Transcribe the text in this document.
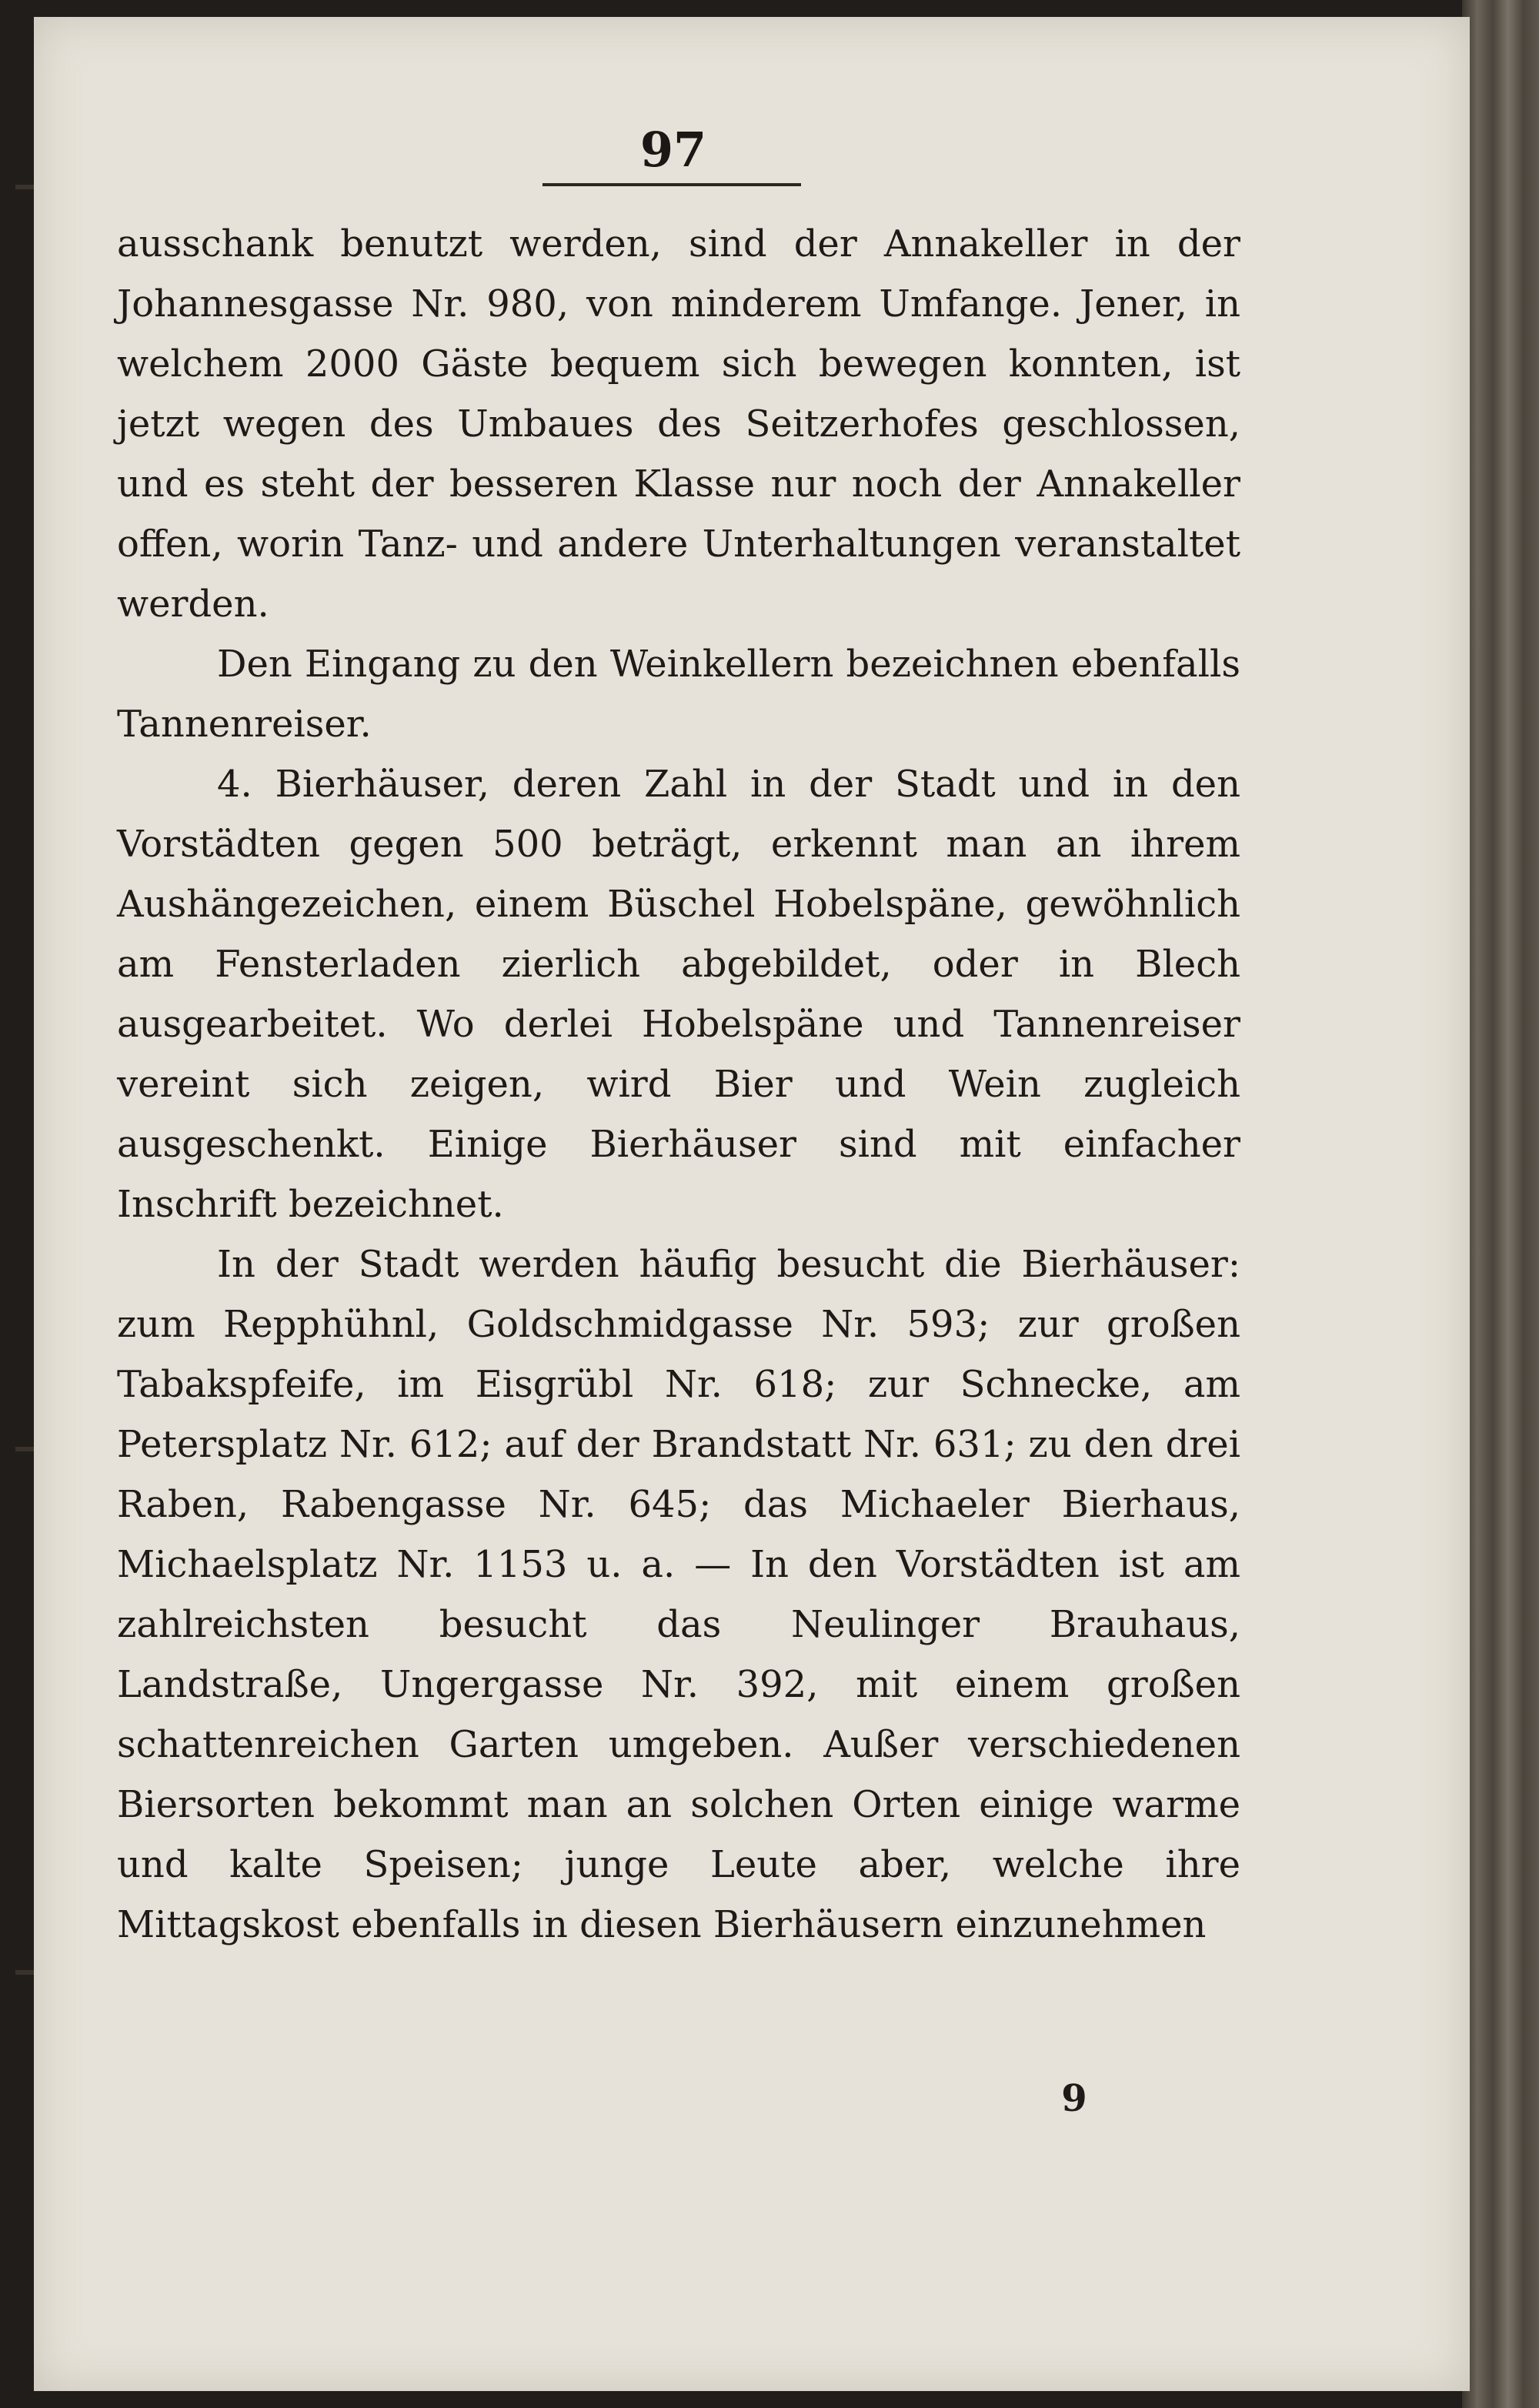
97

ausschank benutzt werden, sind der Annakeller in der Johannesgasse Nr. 980, von minderem Umfange. Jener, in welchem 2000 Gäste bequem sich bewegen konnten, ist jetzt wegen des Umbaues des Seitzerhofes geschlossen, und es steht der besseren Klasse nur noch der Annakeller offen, worin Tanz- und andere Unterhaltungen veranstaltet werden.

Den Eingang zu den Weinkellern bezeichnen ebenfalls Tannenreiser.

4. Bierhäuser, deren Zahl in der Stadt und in den Vorstädten gegen 500 beträgt, erkennt man an ihrem Aushängezeichen, einem Büschel Hobelspäne, gewöhnlich am Fensterladen zierlich abgebildet, oder in Blech ausgearbeitet. Wo derlei Hobelspäne und Tannenreiser vereint sich zeigen, wird Bier und Wein zugleich ausgeschenkt. Einige Bierhäuser sind mit einfacher Inschrift bezeichnet.

In der Stadt werden häufig besucht die Bierhäuser: zum Repphühnl, Goldschmidgasse Nr. 593; zur großen Tabakspfeife, im Eisgrübl Nr. 618; zur Schnecke, am Petersplatz Nr. 612; auf der Brandstatt Nr. 631; zu den drei Raben, Rabengasse Nr. 645; das Michaeler Bierhaus, Michaelsplatz Nr. 1153 u. a. — In den Vorstädten ist am zahlreichsten besucht das Neulinger Brauhaus, Landstraße, Ungergasse Nr. 392, mit einem großen schattenreichen Garten umgeben. Außer verschiedenen Biersorten bekommt man an solchen Orten einige warme und kalte Speisen; junge Leute aber, welche ihre Mittagskost ebenfalls in diesen Bierhäusern einzunehmen

9
